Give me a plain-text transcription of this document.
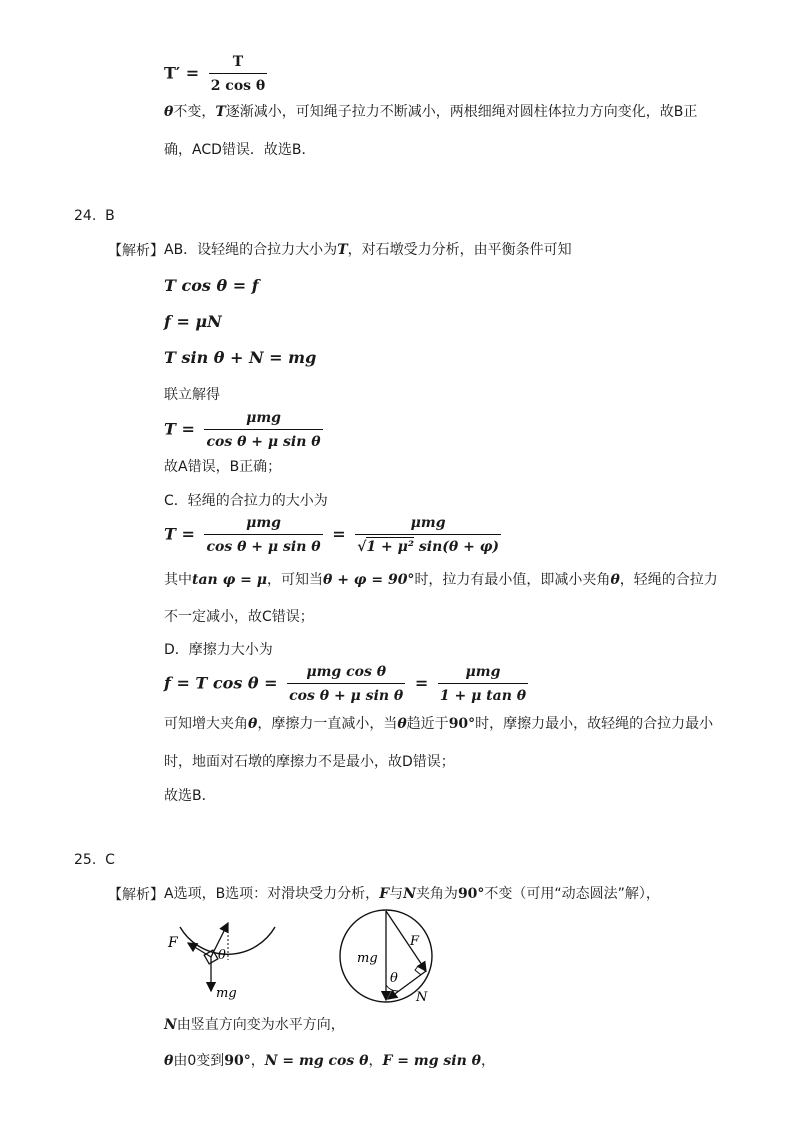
$T' = \frac{T}{\text{2 cos θ}}$
θ不变，T逐渐减小，可知绳子拉力不断减小，两根细绳对圆柱体拉力方向变化，故B正
确，ACD错误．故选B．
24. B
【解析】 AB．设轻绳的合拉力大小为T，对石墩受力分析，由平衡条件可知
T cos θ = f
f = μN
T sin θ + N = mg
联立解得
$T = \frac{\text{μmg}}{\text{cos θ + μ sin θ}}$
故A错误，B正确；
C．轻绳的合拉力的大小为
$T = \frac{\text{μmg}}{\text{cos θ + μ sin θ}} = \frac{\text{μmg}}{\text{√1 + μ² sin(θ + φ)}}$
其中tan φ = μ，可知当θ + φ = 90°时，拉力有最小值，即减小夹角θ，轻绳的合拉力
不一定减小，故C错误；
D．摩擦力大小为
f = T $\cos \theta = \frac{\text{μmg cos θ}}{\text{cos θ + μ sin θ}} = \frac{\text{μmg}}{\text{1 + μ tan θ}}$
可知增大夹角θ，摩擦力一直减小，当θ趋近于90°时，摩擦力最小，故轻绳的合拉力最小
时，地面对石墩的摩擦力不是最小，故D错误；
故选B．
25. C
【解析】 A选项，B选项：对滑块受力分析，F与N夹角为90°不变（可用“动态圆法”解），
F
θ
mg
mg
F
θ
N
N由竖直方向变为水平方向，
θ由0变到90°，N = mg cos θ，F = mg sin θ，
